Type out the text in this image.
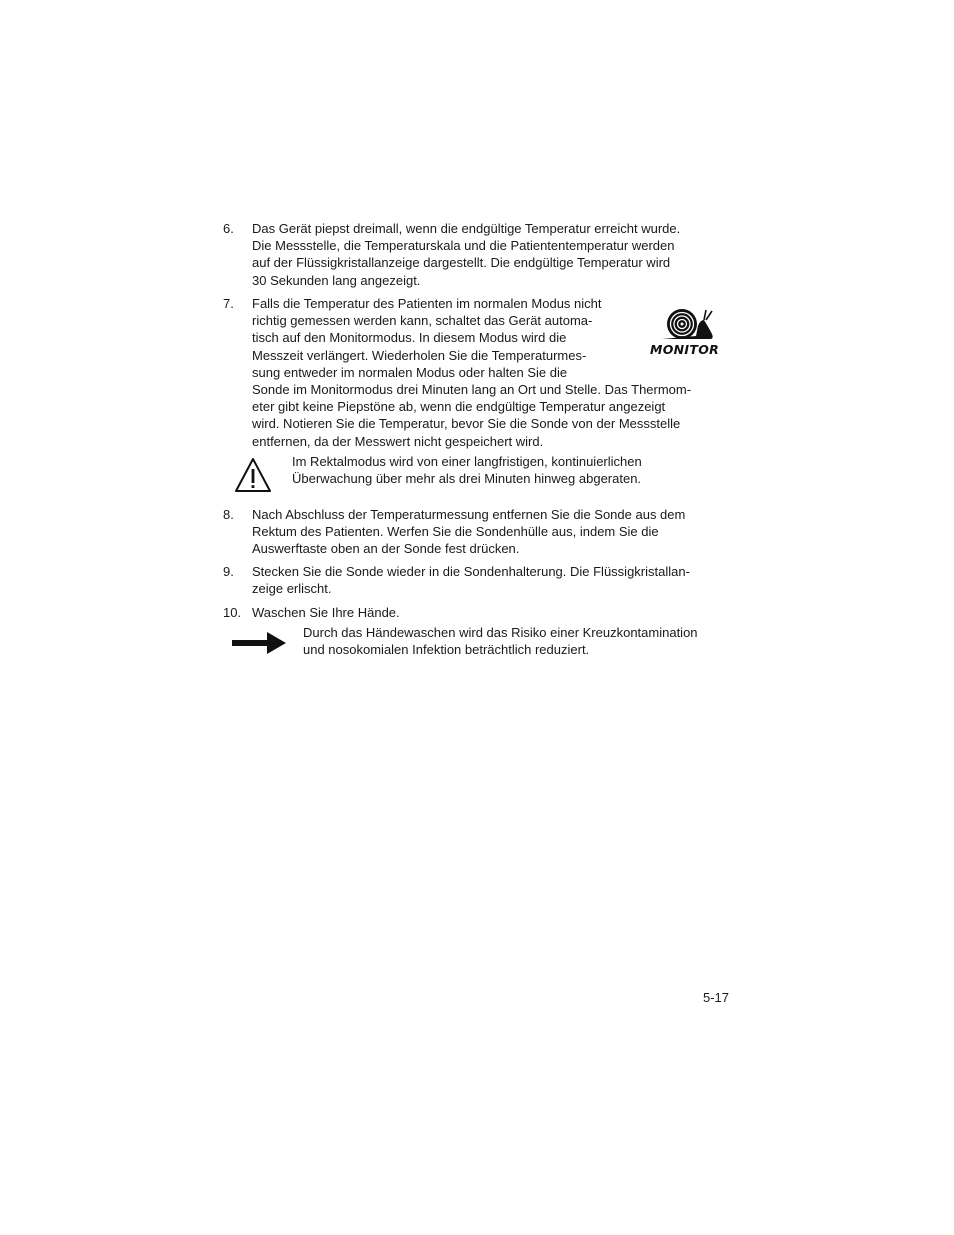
6. Das Gerät piepst dreimall, wenn die endgültige Temperatur erreicht wurde.
Die Messstelle, die Temperaturskala und die Patiententemperatur werden
auf der Flüssigkristallanzeige dargestellt. Die endgültige Temperatur wird
30 Sekunden lang angezeigt.
7. Falls die Temperatur des Patienten im normalen Modus nicht
richtig gemessen werden kann, schaltet das Gerät automa-
tisch auf den Monitormodus. In diesem Modus wird die
Messzeit verlängert. Wiederholen Sie die Temperaturmes-
sung entweder im normalen Modus oder halten Sie die
Sonde im Monitormodus drei Minuten lang an Ort und Stelle. Das Thermom-
eter gibt keine Piepstöne ab, wenn die endgültige Temperatur angezeigt
wird. Notieren Sie die Temperatur, bevor Sie die Sonde von der Messstelle
entfernen, da der Messwert nicht gespeichert wird.
MONITOR
Im Rektalmodus wird von einer langfristigen, kontinuierlichen
Überwachung über mehr als drei Minuten hinweg abgeraten.
8. Nach Abschluss der Temperaturmessung entfernen Sie die Sonde aus dem
Rektum des Patienten. Werfen Sie die Sondenhülle aus, indem Sie die
Auswerftaste oben an der Sonde fest drücken.
9. Stecken Sie die Sonde wieder in die Sondenhalterung. Die Flüssigkristallan-
zeige erlischt.
10. Waschen Sie Ihre Hände.
Durch das Händewaschen wird das Risiko einer Kreuzkontamination
und nosokomialen Infektion beträchtlich reduziert.
5-17
